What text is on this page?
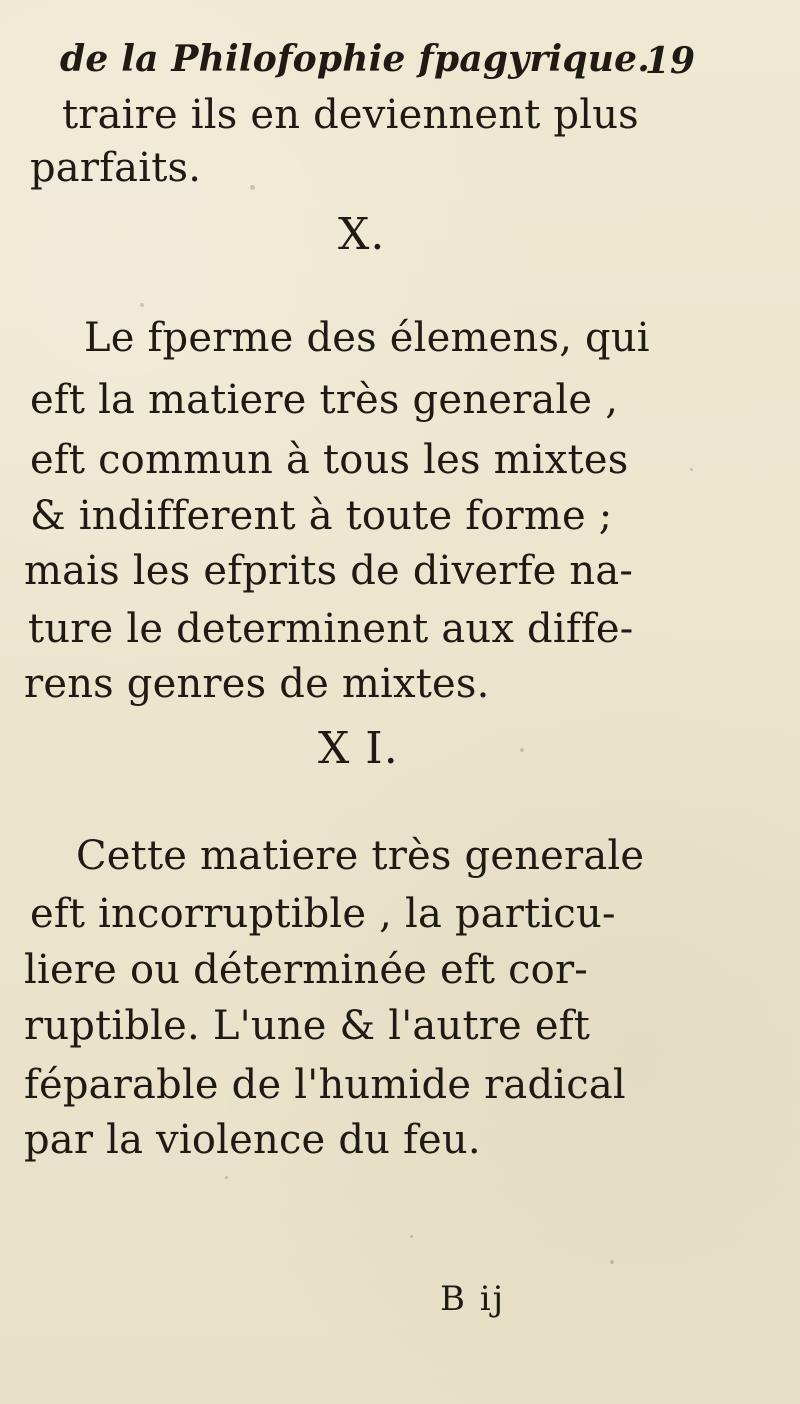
de la Philofophie fpagyrique.
19
traire ils en deviennent plus
parfaits.
X.
Le fperme des élemens, qui
eft la matiere très generale ,
eft commun à tous les mixtes
& indifferent à toute forme ;
mais les efprits de diverfe na-
ture le determinent aux diffe-
rens genres de mixtes.
X I.
Cette matiere très generale
eft incorruptible , la particu-
liere ou déterminée eft cor-
ruptible. L'une & l'autre eft
féparable de l'humide radical
par la violence du feu.
B ij
